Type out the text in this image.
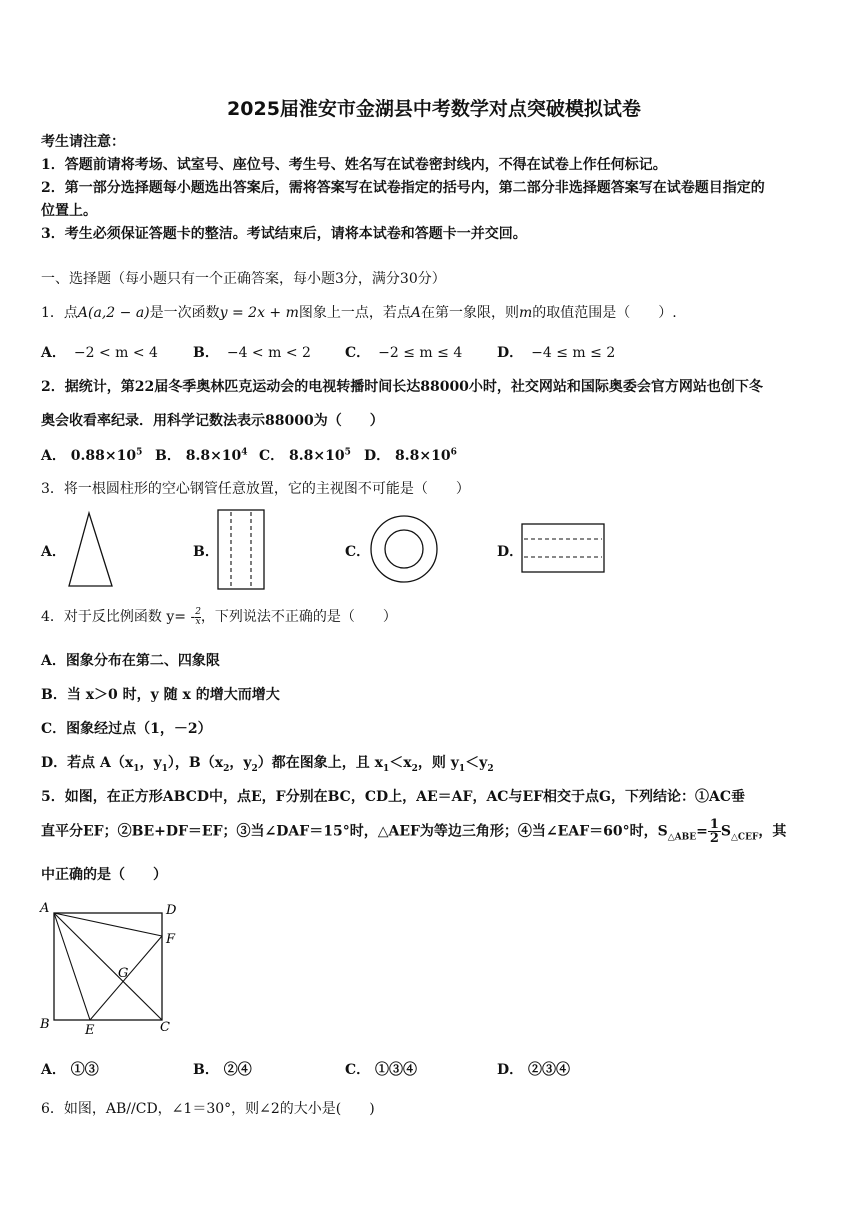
2025届淮安市金湖县中考数学对点突破模拟试卷
考生请注意：
1．答题前请将考场、试室号、座位号、考生号、姓名写在试卷密封线内，不得在试卷上作任何标记。
2．第一部分选择题每小题选出答案后，需将答案写在试卷指定的括号内，第二部分非选择题答案写在试卷题目指定的
位置上。
3．考生必须保证答题卡的整洁。考试结束后，请将本试卷和答题卡一并交回。
一、选择题（每小题只有一个正确答案，每小题3分，满分30分）
1．点A(a,2 − a)是一次函数y = 2x + m图象上一点，若点A在第一象限，则m的取值范围是（　　）.
A． −2 < m < 4	B． −4 < m < 2 C． −2 ≤ m ≤ 4 D． −4 ≤ m ≤ 2
2．据统计，第22届冬季奥林匹克运动会的电视转播时间长达88000小时，社交网站和国际奥委会官方网站也创下冬
奥会收看率纪录．用科学记数法表示88000为（　　）
A． $0.88\times 10^5$ B． $8.8\times 10^4$ C． $8.8\times 10^5$ D． $8.8\times 10^6$
3．将一根圆柱形的空心钢管任意放置，它的主视图不可能是（　　）
A．	B．	C．	D．
4．对于反比例函数 $y= - \frac{2}{x}$ ，下列说法不正确的是（　　）
A．图象分布在第二、四象限
B．当 x＞0 时，y 随 x 的增大而增大
C．图象经过点（1，－2）
D．若点 $A(x_1$，$y_1$），$B(x_2$，$y_2$）都在图象上，且 $x_1<x_2$，则 $y_1<y_2$
5．如图，在正方形ABCD中，点E，F分别在BC，CD上，AE＝AF，AC与EF相交于点G，下列结论：①AC垂
直平分EF；②BE+DF＝EF；③当∠DAF＝15°时，△AEF为等边三角形；④当∠EAF＝60°时，$S_{\triangle ABE}= \frac{1}{2} S_{\triangle CEF}$，其
中正确的是（　　）
A	D
F
G
B	E	C
A． ①③	B． ②④	C． ①③④	D． ②③④
6．如图，AB//CD，∠1＝30°，则∠2的大小是(　　)
